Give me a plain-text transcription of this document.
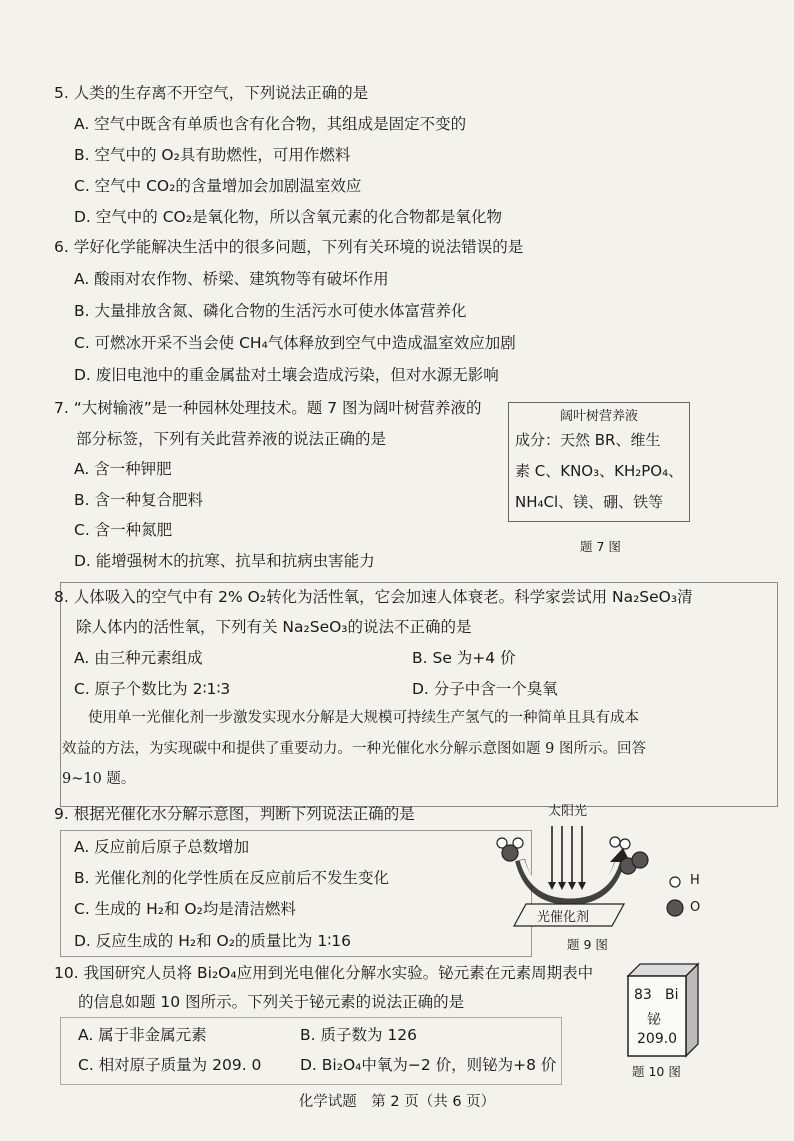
5. 人类的生存离不开空气，下列说法正确的是
A. 空气中既含有单质也含有化合物，其组成是固定不变的
B. 空气中的 O₂具有助燃性，可用作燃料
C. 空气中 CO₂的含量增加会加剧温室效应
D. 空气中的 CO₂是氧化物，所以含氧元素的化合物都是氧化物
6. 学好化学能解决生活中的很多问题，下列有关环境的说法错误的是
A. 酸雨对农作物、桥梁、建筑物等有破坏作用
B. 大量排放含氮、磷化合物的生活污水可使水体富营养化
C. 可燃冰开采不当会使 CH₄气体释放到空气中造成温室效应加剧
D. 废旧电池中的重金属盐对土壤会造成污染，但对水源无影响
7. “大树输液”是一种园林处理技术。题 7 图为阔叶树营养液的
部分标签，下列有关此营养液的说法正确的是
A. 含一种钾肥
B. 含一种复合肥料
C. 含一种氮肥
D. 能增强树木的抗寒、抗旱和抗病虫害能力
阔叶树营养液
成分：天然 BR、维生
素 C、KNO₃、KH₂PO₄、
NH₄Cl、镁、硼、铁等
题 7 图
8. 人体吸入的空气中有 2% O₂转化为活性氧，它会加速人体衰老。科学家尝试用 Na₂SeO₃清
除人体内的活性氧，下列有关 Na₂SeO₃的说法不正确的是
A. 由三种元素组成	B. Se 为+4 价
C. 原子个数比为 2∶1∶3	D. 分子中含一个臭氧
使用单一光催化剂一步激发实现水分解是大规模可持续生产氢气的一种简单且具有成本
效益的方法，为实现碳中和提供了重要动力。一种光催化水分解示意图如题 9 图所示。回答
9~10 题。
9. 根据光催化水分解示意图，判断下列说法正确的是
A. 反应前后原子总数增加
B. 光催化剂的化学性质在反应前后不发生变化
C. 生成的 H₂和 O₂均是清洁燃料
D. 反应生成的 H₂和 O₂的质量比为 1∶16
太阳光
光催化剂
H
O
题 9 图
10. 我国研究人员将 Bi₂O₄应用到光电催化分解水实验。铋元素在元素周期表中
的信息如题 10 图所示。下列关于铋元素的说法正确的是
A. 属于非金属元素	B. 质子数为 126
C. 相对原子质量为 209. 0 D. Bi₂O₄中氧为−2 价，则铋为+8 价
83 Bi
铋
209.0
题 10 图
化学试题　第 2 页（共 6 页）
